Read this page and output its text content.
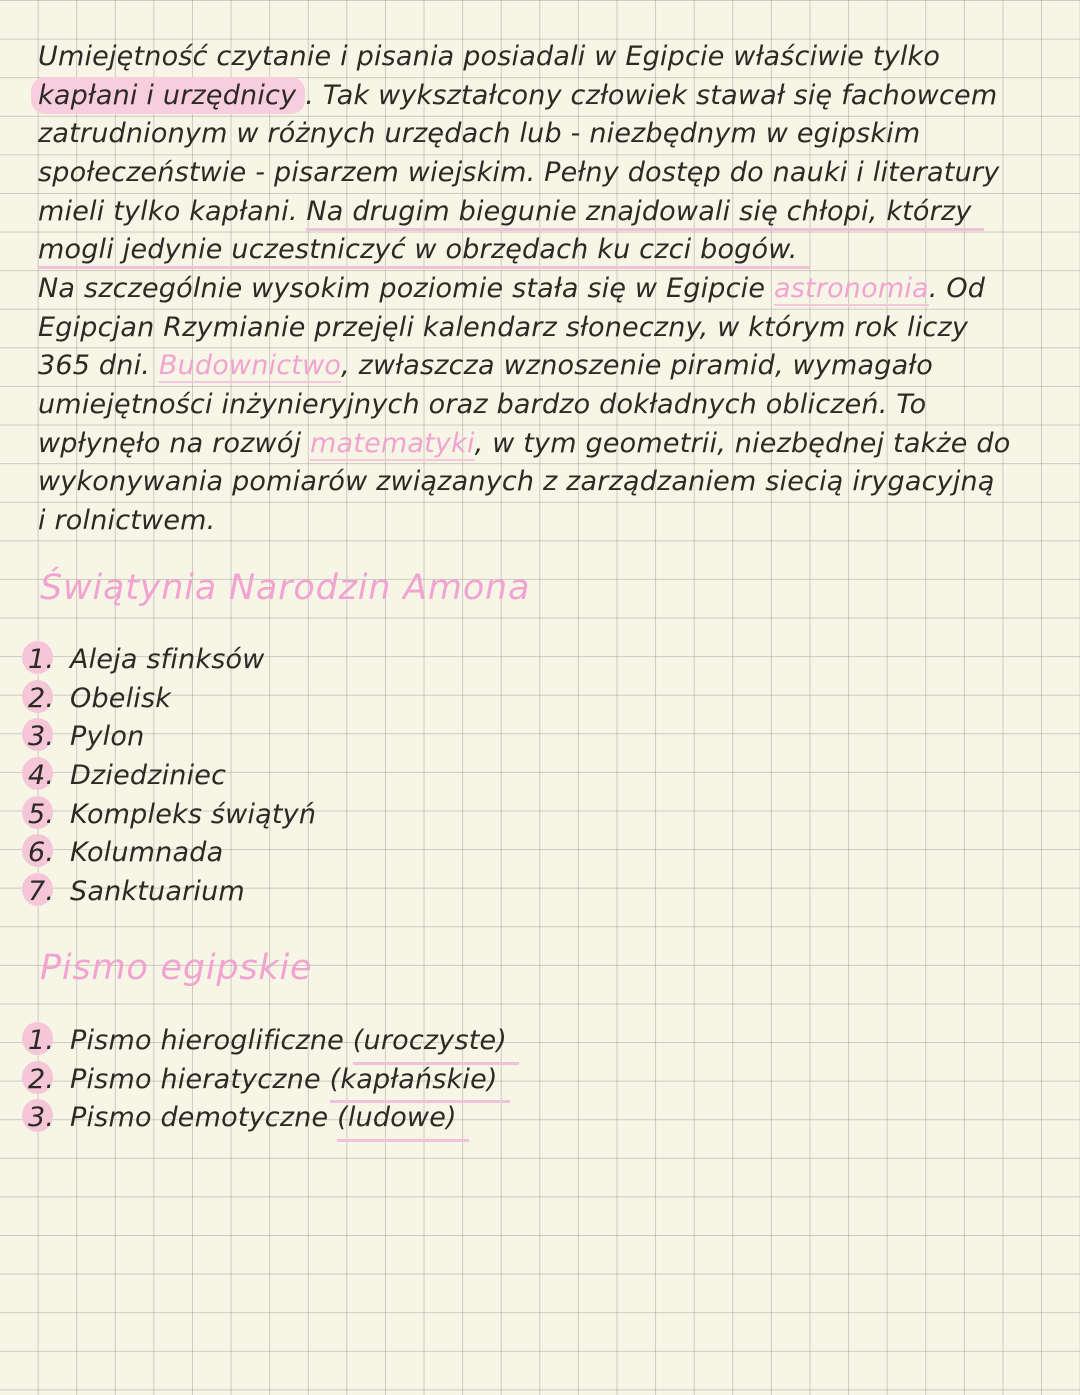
Umiejętność czytanie i pisania posiadali w Egipcie właściwie tylko
kapłani i urzędnicy . Tak wykształcony człowiek stawał się fachowcem
zatrudnionym w różnych urzędach lub - niezbędnym w egipskim
społeczeństwie - pisarzem wiejskim. Pełny dostęp do nauki i literatury
mieli tylko kapłani. Na drugim biegunie znajdowali się chłopi, którzy
mogli jedynie uczestniczyć w obrzędach ku czci bogów.
Na szczególnie wysokim poziomie stała się w Egipcie astronomia. Od
Egipcjan Rzymianie przejęli kalendarz słoneczny, w którym rok liczy
365 dni. Budownictwo, zwłaszcza wznoszenie piramid, wymagało
umiejętności inżynieryjnych oraz bardzo dokładnych obliczeń. To
wpłynęło na rozwój matematyki, w tym geometrii, niezbędnej także do
wykonywania pomiarów związanych z zarządzaniem siecią irygacyjną
i rolnictwem.
Świątynia Narodzin Amona
1. Aleja sfinksów
2. Obelisk
3. Pylon
4. Dziedziniec
5. Kompleks świątyń
6. Kolumnada
7. Sanktuarium
Pismo egipskie
1. Pismo hieroglificzne (uroczyste)
2. Pismo hieratyczne (kapłańskie)
3. Pismo demotyczne (ludowe)
